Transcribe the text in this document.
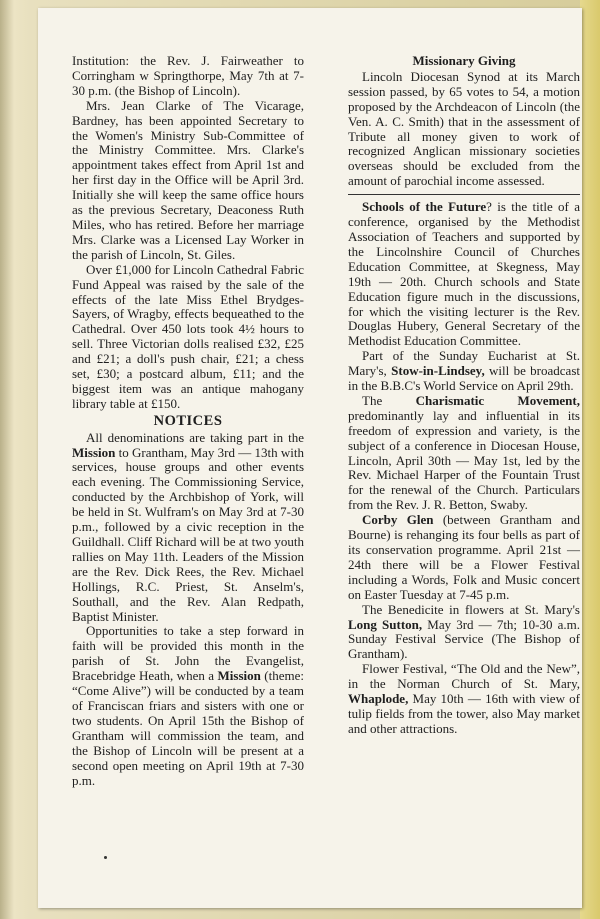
Institution: the Rev. J. Fairweather to Corringham w Springthorpe, May 7th at 7-30 p.m. (the Bishop of Lincoln).

Mrs. Jean Clarke of The Vicarage, Bardney, has been appointed Secretary to the Women's Ministry Sub-Committee of the Ministry Committee. Mrs. Clarke's appointment takes effect from April 1st and her first day in the Office will be April 3rd. Initially she will keep the same office hours as the previous Secretary, Deaconess Ruth Miles, who has retired. Before her marriage Mrs. Clarke was a Licensed Lay Worker in the parish of Lincoln, St. Giles.

Over £1,000 for Lincoln Cathedral Fabric Fund Appeal was raised by the sale of the effects of the late Miss Ethel Brydges-Sayers, of Wragby, effects bequeathed to the Cathedral. Over 450 lots took 4½ hours to sell. Three Victorian dolls realised £32, £25 and £21; a doll's push chair, £21; a chess set, £30; a postcard album, £11; and the biggest item was an antique mahogany library table at £150.

NOTICES

All denominations are taking part in the Mission to Grantham, May 3rd — 13th with services, house groups and other events each evening. The Commissioning Service, conducted by the Archbishop of York, will be held in St. Wulfram's on May 3rd at 7-30 p.m., followed by a civic reception in the Guildhall. Cliff Richard will be at two youth rallies on May 11th. Leaders of the Mission are the Rev. Dick Rees, the Rev. Michael Hollings, R.C. Priest, St. Anselm's, Southall, and the Rev. Alan Redpath, Baptist Minister.

Opportunities to take a step forward in faith will be provided this month in the parish of St. John the Evangelist, Bracebridge Heath, when a Mission (theme: “Come Alive”) will be conducted by a team of Franciscan friars and sisters with one or two students. On April 15th the Bishop of Grantham will commission the team, and the Bishop of Lincoln will be present at a second open meeting on April 19th at 7-30 p.m.

Missionary Giving

Lincoln Diocesan Synod at its March session passed, by 65 votes to 54, a motion proposed by the Archdeacon of Lincoln (the Ven. A. C. Smith) that in the assessment of Tribute all money given to work of recognized Anglican missionary societies overseas should be excluded from the amount of parochial income assessed.

Schools of the Future? is the title of a conference, organised by the Methodist Association of Teachers and supported by the Lincolnshire Council of Churches Education Committee, at Skegness, May 19th — 20th. Church schools and State Education figure much in the discussions, for which the visiting lecturer is the Rev. Douglas Hubery, General Secretary of the Methodist Education Committee.

Part of the Sunday Eucharist at St. Mary's, Stow-in-Lindsey, will be broadcast in the B.B.C's World Service on April 29th.

The Charismatic Movement, predominantly lay and influential in its freedom of expression and variety, is the subject of a conference in Diocesan House, Lincoln, April 30th — May 1st, led by the Rev. Michael Harper of the Fountain Trust for the renewal of the Church. Particulars from the Rev. J. R. Betton, Swaby.

Corby Glen (between Grantham and Bourne) is rehanging its four bells as part of its conservation programme. April 21st — 24th there will be a Flower Festival including a Words, Folk and Music concert on Easter Tuesday at 7-45 p.m.

The Benedicite in flowers at St. Mary's Long Sutton, May 3rd — 7th; 10-30 a.m. Sunday Festival Service (The Bishop of Grantham).

Flower Festival, “The Old and the New”, in the Norman Church of St. Mary, Whaplode, May 10th — 16th with view of tulip fields from the tower, also May market and other attractions.
